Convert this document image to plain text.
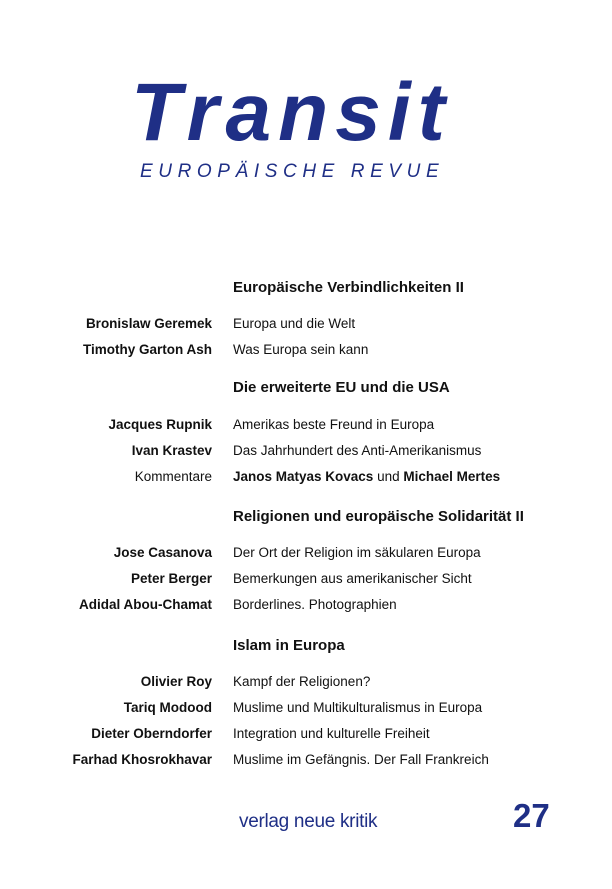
Transit
EUROPÄISCHE REVUE
Europäische Verbindlichkeiten II
Bronislaw Geremek Europa und die Welt
Timothy Garton Ash Was Europa sein kann
Die erweiterte EU und die USA
Jacques Rupnik Amerikas beste Freund in Europa
Ivan Krastev Das Jahrhundert des Anti-Amerikanismus
Kommentare Janos Matyas Kovacs und Michael Mertes
Religionen und europäische Solidarität II
Jose Casanova Der Ort der Religion im säkularen Europa
Peter Berger Bemerkungen aus amerikanischer Sicht
Adidal Abou-Chamat Borderlines. Photographien
Islam in Europa
Olivier Roy Kampf der Religionen?
Tariq Modood Muslime und Multikulturalismus in Europa
Dieter Oberndorfer Integration und kulturelle Freiheit
Farhad Khosrokhavar Muslime im Gefängnis. Der Fall Frankreich
verlag neue kritik	27
